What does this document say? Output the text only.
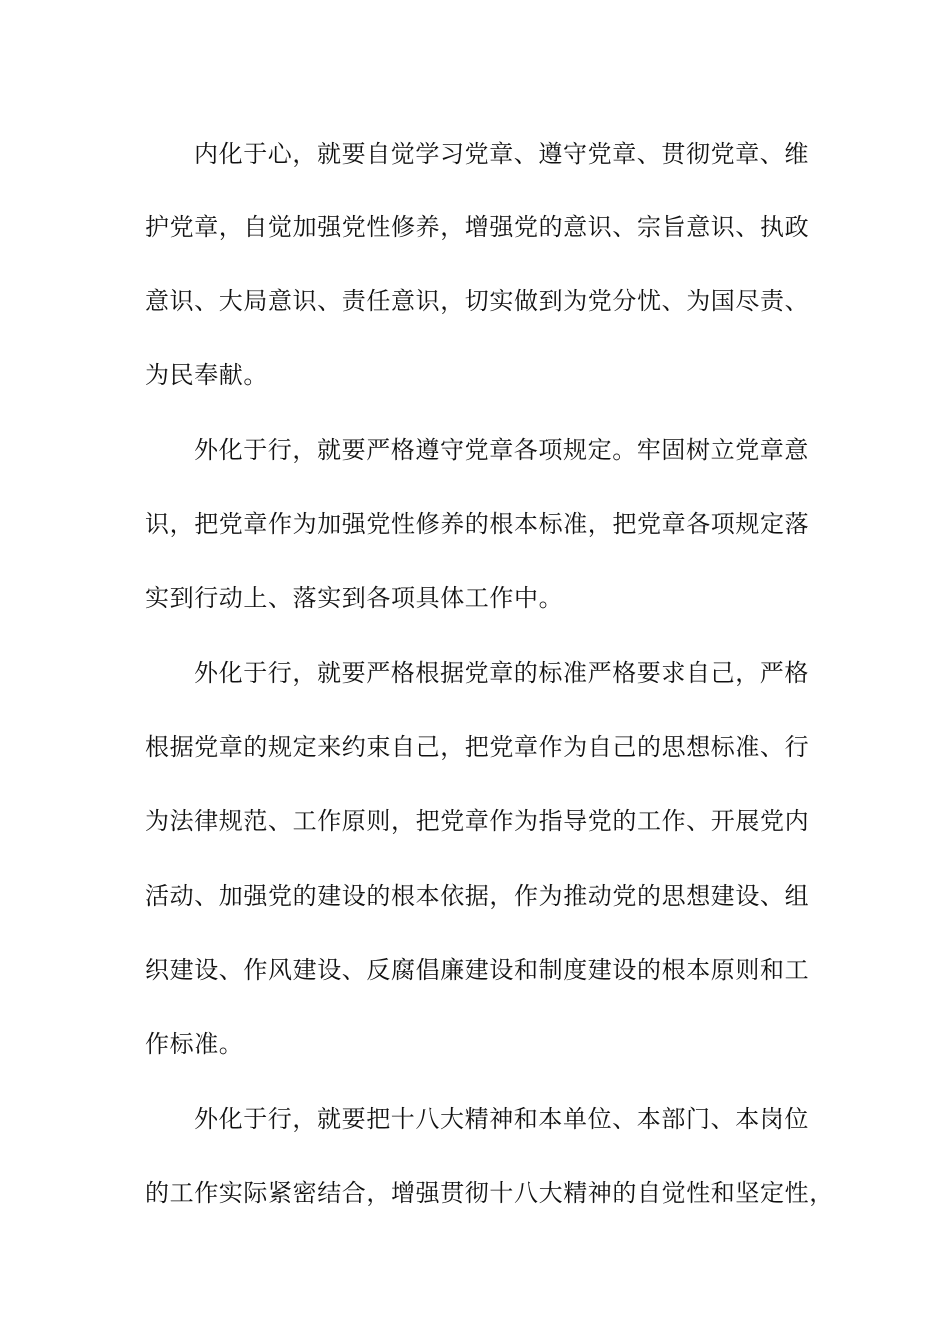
内化于心，就要自觉学习党章、遵守党章、贯彻党章、维
护党章，自觉加强党性修养，增强党的意识、宗旨意识、执政
意识、大局意识、责任意识，切实做到为党分忧、为国尽责、
为民奉献。
外化于行，就要严格遵守党章各项规定。牢固树立党章意
识，把党章作为加强党性修养的根本标准，把党章各项规定落
实到行动上、落实到各项具体工作中。
外化于行，就要严格根据党章的标准严格要求自己，严格
根据党章的规定来约束自己，把党章作为自己的思想标准、行
为法律规范、工作原则，把党章作为指导党的工作、开展党内
活动、加强党的建设的根本依据，作为推动党的思想建设、组
织建设、作风建设、反腐倡廉建设和制度建设的根本原则和工
作标准。
外化于行，就要把十八大精神和本单位、本部门、本岗位
的工作实际紧密结合，增强贯彻十八大精神的自觉性和坚定性，
